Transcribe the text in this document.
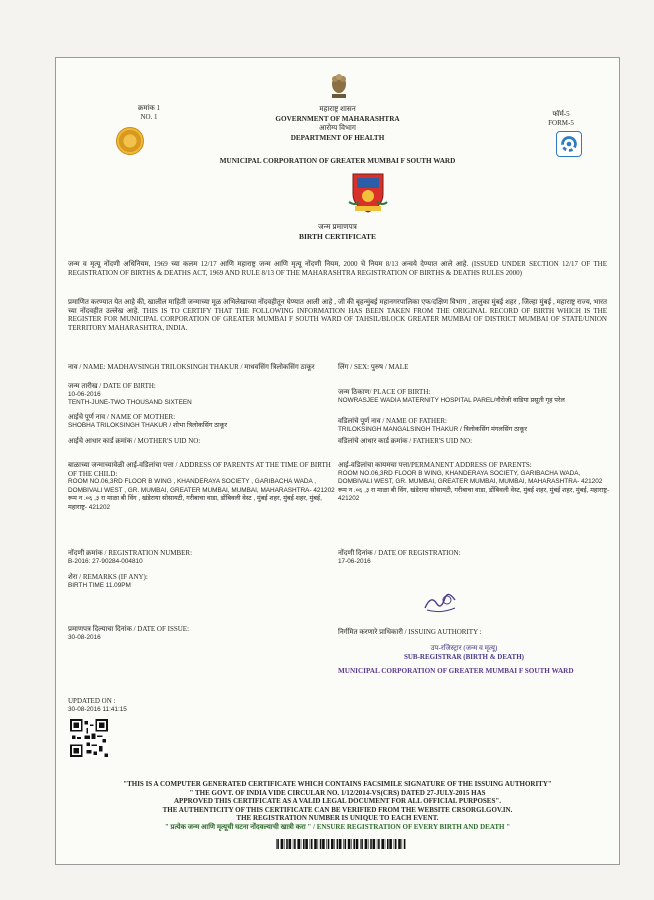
क्रमांक 1
NO. 1	फॉर्म-5
FORM-5
महाराष्ट्र शासन
GOVERNMENT OF MAHARASHTRA
आरोग्य विभाग
DEPARTMENT OF HEALTH
MUNICIPAL CORPORATION OF GREATER MUMBAI F SOUTH WARD
जन्म प्रमाणपत्र
BIRTH CERTIFICATE
जन्म व मृत्यू नोंदणी अधिनियम, 1969 च्या कलम 12/17 आणि महाराष्ट्र जन्म आणि मृत्यू नोंदणी नियम, 2000 चे नियम 8/13 अन्वये देण्यात आले आहे. (ISSUED UNDER SECTION 12/17 OF THE REGISTRATION OF BIRTHS & DEATHS ACT, 1969 AND RULE 8/13 OF THE MAHARASHTRA REGISTRATION OF BIRTHS & DEATHS RULES 2000)
प्रमाणित करण्यात येत आहे की, खालील माहिती जन्माच्या मूळ अभिलेखाच्या नोंदवहीतून घेण्यात आली आहे , जी की बृहन्मुंबई महानगरपालिका एफ/दक्षिण विभाग , तालुका मुंबई शहर , जिल्हा मुंबई , महाराष्ट्र राज्य, भारत च्या नोंदवहीत उल्लेख आहे. THIS IS TO CERTIFY THAT THE FOLLOWING INFORMATION HAS BEEN TAKEN FROM THE ORIGINAL RECORD OF BIRTH WHICH IS THE REGISTER FOR MUNICIPAL CORPORATION OF GREATER MUMBAI F SOUTH WARD OF TAHSIL/BLOCK GREATER MUMBAI OF DISTRICT MUMBAI OF STATE/UNION TERRITORY MAHARASHTRA, INDIA.
नाव / NAME: MADHAVSINGH TRILOKSINGH THAKUR / माधवसिंग त्रिलोकसिंग ठाकूर	लिंग / SEX: पुरुष / MALE
जन्म तारीख / DATE OF BIRTH:
10-06-2016
TENTH-JUNE-TWO THOUSAND SIXTEEN
जन्म ठिकाण/ PLACE OF BIRTH:
NOWRASJEE WADIA MATERNITY HOSPITAL PAREL/नौरोजी वाडिया प्रसूती गृह परेल
आईचे पूर्ण नाव / NAME OF MOTHER:
SHOBHA TRILOKSINGH THAKUR / शोभा त्रिलोकसिंग ठाकूर
वडिलांचे पूर्ण नाव / NAME OF FATHER:
TRILOKSINGH MANGALSINGH THAKUR / त्रिलोकसिंग मंगलसिंग ठाकूर
आईचे आधार कार्ड क्रमांक / MOTHER'S UID NO:	वडिलांचे आधार कार्ड क्रमांक / FATHER'S UID NO:
बाळाच्या जन्माच्यावेळी आई-वडिलांचा पत्ता / ADDRESS OF PARENTS AT THE TIME OF BIRTH OF THE CHILD:
ROOM NO.06,3RD FLOOR B WING , KHANDERAYA SOCIETY , GARIBACHA WADA , DOMBIVALI WEST , GR. MUMBAI, GREATER MUMBAI, MUMBAI, MAHARASHTRA- 421202
रूम न .०६ ,३ रा माळा बी विंग , खंडेराया सोसायटी, गरीबाचा वाडा, डोंबिवली वेस्ट , मुंबई शहर, मुंबई शहर, मुंबई, महाराष्ट्र- 421202
आई-वडिलांचा कायमचा पत्ता/PERMANENT ADDRESS OF PARENTS:
ROOM NO.06,3RD FLOOR B WING, KHANDERAYA SOCIETY, GARIBACHA WADA, DOMBIVALI WEST, GR. MUMBAI, GREATER MUMBAI, MUMBAI, MAHARASHTRA- 421202
रूम न .०६ ,३ रा माळा बी विंग, खंडेराया सोसायटी, गरीबाचा वाडा, डोंबिवली वेस्ट, मुंबई शहर, मुंबई शहर, मुंबई, महाराष्ट्र- 421202
नोंदणी क्रमांक / REGISTRATION NUMBER:
B-2016: 27-90284-004810
नोंदणी दिनांक / DATE OF REGISTRATION:
17-06-2016
शेरा / REMARKS (IF ANY):
BIRTH TIME 11.09PM
प्रमाणपत्र दिल्याचा दिनांक / DATE OF ISSUE:
30-08-2016
निर्गमित करणारे प्राधिकारी / ISSUING AUTHORITY :
उप-रजिस्ट्रार (जन्म व मृत्यू)
SUB-REGISTRAR (BIRTH & DEATH)
MUNICIPAL CORPORATION OF GREATER MUMBAI F SOUTH WARD
UPDATED ON :
30-08-2016 11:41:15
"THIS IS A COMPUTER GENERATED CERTIFICATE WHICH CONTAINS FACSIMILE SIGNATURE OF THE ISSUING AUTHORITY"
" THE GOVT. OF INDIA VIDE CIRCULAR NO. 1/12/2014-VS(CRS) DATED 27-JULY-2015 HAS
APPROVED THIS CERTIFICATE AS A VALID LEGAL DOCUMENT FOR ALL OFFICIAL PURPOSES".
THE AUTHENTICITY OF THIS CERTIFICATE CAN BE VERIFIED FROM THE WEBSITE CRSORGI.GOV.IN.
THE REGISTRATION NUMBER IS UNIQUE TO EACH EVENT.
" प्रत्येक जन्म आणि मृत्यूची घटना नोंदवल्याची खात्री करा " / ENSURE REGISTRATION OF EVERY BIRTH AND DEATH "
